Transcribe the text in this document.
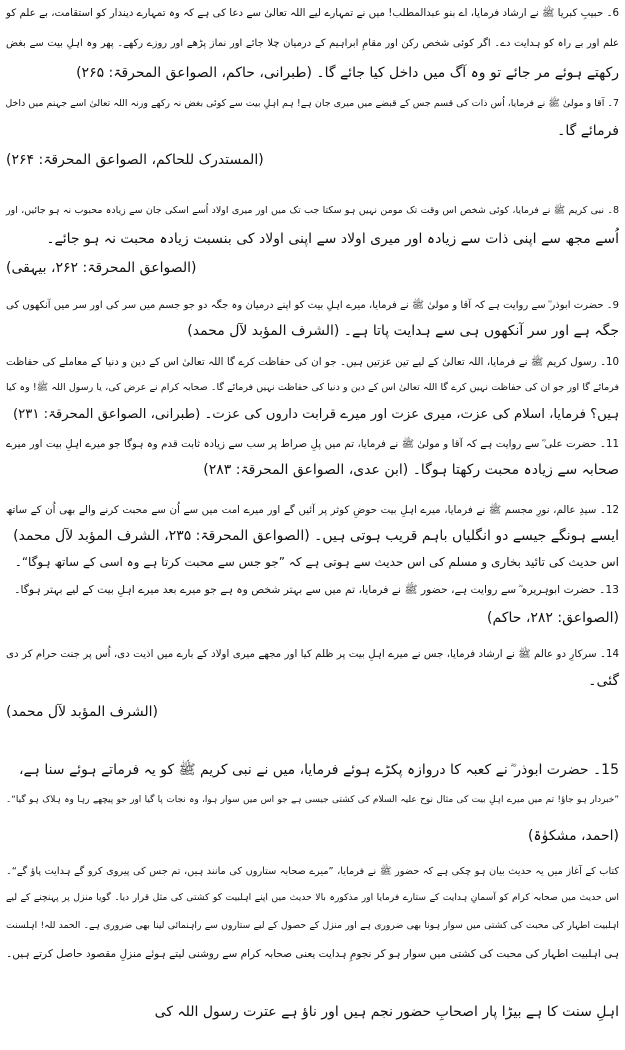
6۔ حبیبِ کبریا ﷺ نے ارشاد فرمایا، اے بنو عبدالمطلب! میں نے تمہارے لیے اللہ تعالیٰ سے دعا کی ہے کہ وہ تمہارے دیندار کو استقامت، بے علم کو
علم اور بے راہ کو ہدایت دے۔ اگر کوئی شخص رکن اور مقامِ ابراہیم کے درمیان چلا جائے اور نماز پڑھے اور روزے رکھے۔ پھر وہ اہلِ بیت سے بغض
رکھتے ہوئے مر جائے تو وہ آگ میں داخل کیا جائے گا۔ (طبرانی، حاکم، الصواعق المحرقۃ: ۲۶۵)
7۔ آقا و مولیٰ ﷺ نے فرمایا، اُس ذات کی قسم جس کے قبضے میں میری جان ہے! ہم اہلِ بیت سے کوئی بغض نہ رکھے ورنہ اللہ تعالیٰ اسے جہنم میں داخل
فرمائے گا۔
(المستدرک للحاکم، الصواعق المحرقۃ: ۲۶۴)
8۔ نبی کریم ﷺ نے فرمایا، کوئی شخص اس وقت تک مومن نہیں ہو سکتا جب تک میں اور میری اولاد اُسے اسکی جان سے زیادہ محبوب نہ ہو جائیں، اور
اُسے مجھ سے اپنی ذات سے زیادہ اور میری اولاد سے اپنی اولاد کی بنسبت زیادہ محبت نہ ہو جائے۔
(الصواعق المحرقۃ: ۲۶۲، بیہقی)
9۔ حضرت ابوذر ؓ سے روایت ہے کہ آقا و مولیٰ ﷺ نے فرمایا، میرے اہلِ بیت کو اپنے درمیان وہ جگہ دو جو جسم میں سر کی اور سر میں آنکھوں کی
جگہ ہے اور سر آنکھوں ہی سے ہدایت پاتا ہے۔ (الشرف المؤبد لآل محمد)
10۔ رسول کریم ﷺ نے فرمایا، اللہ تعالیٰ کے لیے تین عزتیں ہیں۔ جو ان کی حفاظت کرے گا اللہ تعالیٰ اس کے دین و دنیا کے معاملے کی حفاظت
فرمائے گا اور جو ان کی حفاظت نہیں کرے گا اللہ تعالیٰ اس کے دین و دنیا کی حفاظت نہیں فرمائے گا۔ صحابہ کرام نے عرض کی، یا رسول اللہ ﷺ! وہ کیا
ہیں؟ فرمایا، اسلام کی عزت، میری عزت اور میرے قرابت داروں کی عزت۔ (طبرانی، الصواعق المحرقۃ: ۲۳۱)
11۔ حضرت علی ؓ سے روایت ہے کہ آقا و مولیٰ ﷺ نے فرمایا، تم میں پلِ صراط پر سب سے زیادہ ثابت قدم وہ ہوگا جو میرے اہلِ بیت اور میرے
صحابہ سے زیادہ محبت رکھتا ہوگا۔ (ابن عدی، الصواعق المحرقۃ: ۲۸۳)
12۔ سیدِ عالم، نورِ مجسم ﷺ نے فرمایا، میرے اہلِ بیت حوضِ کوثر پر آئیں گے اور میرے امت میں سے اُن سے محبت کرنے والے بھی اُن کے ساتھ
ایسے ہونگے جیسے دو انگلیاں باہم قریب ہوتی ہیں۔ (الصواعق المحرقۃ: ۲۳۵، الشرف المؤبد لآل محمد)
اس حدیث کی تائید بخاری و مسلم کی اس حدیث سے ہوتی ہے کہ ”جو جس سے محبت کرتا ہے وہ اسی کے ساتھ ہوگا“۔
13۔ حضرت ابوہریرہ ؓ سے روایت ہے، حضور ﷺ نے فرمایا، تم میں سے بہتر شخص وہ ہے جو میرے بعد میرے اہلِ بیت کے لیے بہتر ہوگا۔
(الصواعق: ۲۸۲، حاکم)
14۔ سرکارِ دو عالم ﷺ نے ارشاد فرمایا، جس نے میرے اہلِ بیت پر ظلم کیا اور مجھے میری اولاد کے بارے میں اذیت دی، اُس پر جنت حرام کر دی
گئی۔
(الشرف المؤبد لآل محمد)
15۔ حضرت ابوذر ؓ نے کعبہ کا دروازہ پکڑے ہوئے فرمایا، میں نے نبی کریم ﷺ کو یہ فرماتے ہوئے سنا ہے،
”خبردار ہو جاؤ! تم میں میرے اہلِ بیت کی مثال نوح علیہ السلام کی کشتی جیسی ہے جو اس میں سوار ہوا، وہ نجات پا گیا اور جو پیچھے رہا وہ ہلاک ہو گیا“۔
(احمد، مشکوٰۃ)
کتاب کے آغاز میں یہ حدیث بیان ہو چکی ہے کہ حضور ﷺ نے فرمایا، ”میرے صحابہ ستاروں کی مانند ہیں، تم جس کی پیروی کرو گے ہدایت پاؤ گے“۔
اس حدیث میں صحابہ کرام کو آسمانِ ہدایت کے ستارے فرمایا اور مذکورہ بالا حدیث میں اپنے اہلبیت کو کشتی کی مثل قرار دیا۔ گویا منزل پر پہنچنے کے لیے
اہلبیت اطہار کی محبت کی کشتی میں سوار ہونا بھی ضروری ہے اور منزل کے حصول کے لیے ستاروں سے راہنمائی لینا بھی ضروری ہے۔ الحمد للہ! اہلسنت
ہی اہلبیت اطہار کی محبت کی کشتی میں سوار ہو کر نجومِ ہدایت یعنی صحابہ کرام سے روشنی لیتے ہوئے منزلِ مقصود حاصل کرتے ہیں۔
اہلِ سنت کا ہے بیڑا پار اصحابِ حضور
نجم ہیں اور ناؤ ہے عترت رسول اللہ کی
